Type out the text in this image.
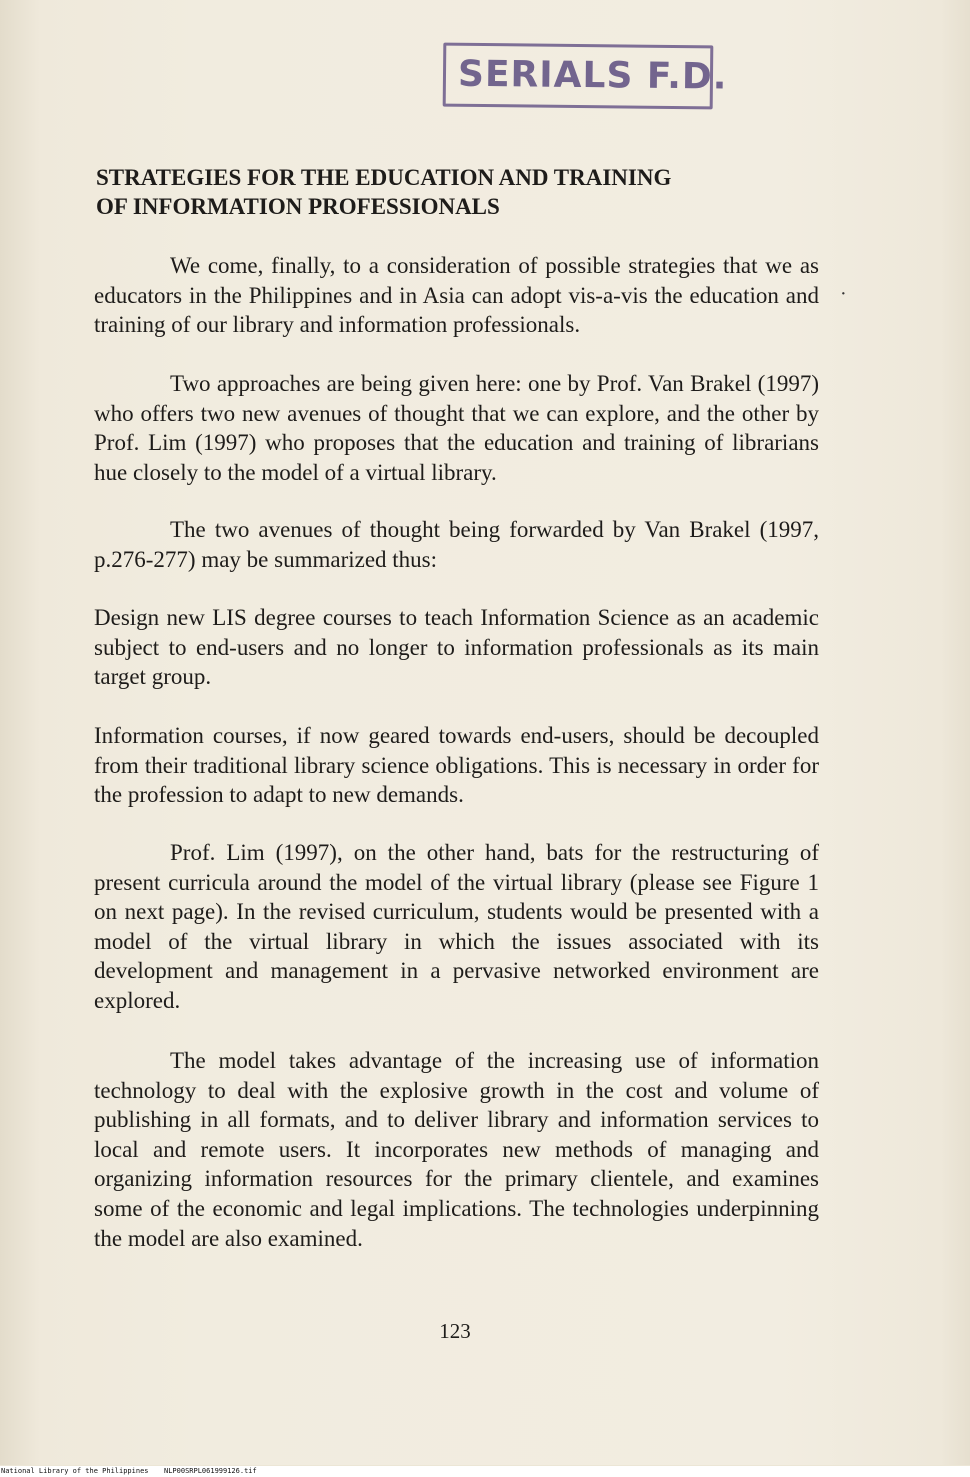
SERIALS F.D.
STRATEGIES FOR THE EDUCATION AND TRAINING
OF INFORMATION PROFESSIONALS

We come, finally, to a consideration of possible strategies that we as educators in the Philippines and in Asia can adopt vis-a-vis the education and training of our library and information professionals.

Two approaches are being given here: one by Prof. Van Brakel (1997) who offers two new avenues of thought that we can explore, and the other by Prof. Lim (1997) who proposes that the education and training of librarians hue closely to the model of a virtual library.

The two avenues of thought being forwarded by Van Brakel (1997, p.276-277) may be summarized thus:

Design new LIS degree courses to teach Information Science as an academic subject to end-users and no longer to information professionals as its main target group.

Information courses, if now geared towards end-users, should be decoupled from their traditional library science obligations. This is necessary in order for the profession to adapt to new demands.

Prof. Lim (1997), on the other hand, bats for the restructuring of present curricula around the model of the virtual library (please see Figure 1 on next page). In the revised curriculum, students would be presented with a model of the virtual library in which the issues associated with its development and management in a pervasive networked environment are explored.

The model takes advantage of the increasing use of information technology to deal with the explosive growth in the cost and volume of publishing in all formats, and to deliver library and information services to local and remote users. It incorporates new methods of managing and organizing information resources for the primary clientele, and examines some of the economic and legal implications. The technologies underpinning the model are also examined.

·
123
National Library of the Philippines NLP00SRPL061999126.tif
